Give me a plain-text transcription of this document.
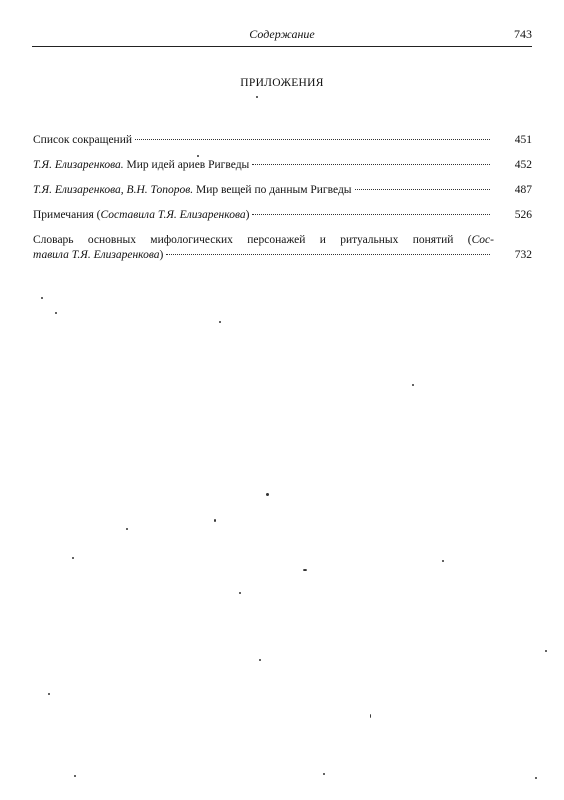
Содержание	743
ПРИЛОЖЕНИЯ
Список сокращений	451
Т.Я. Елизаренкова. Мир идей ариев Ригведы	452
Т.Я. Елизаренкова, В.Н. Топоров. Мир вещей по данным Ригведы	487
Примечания (Составила Т.Я. Елизаренкова)	526
Словарь основных мифологических персонажей и ритуальных понятий (Сос-
тавила Т.Я. Елизаренкова)	732
